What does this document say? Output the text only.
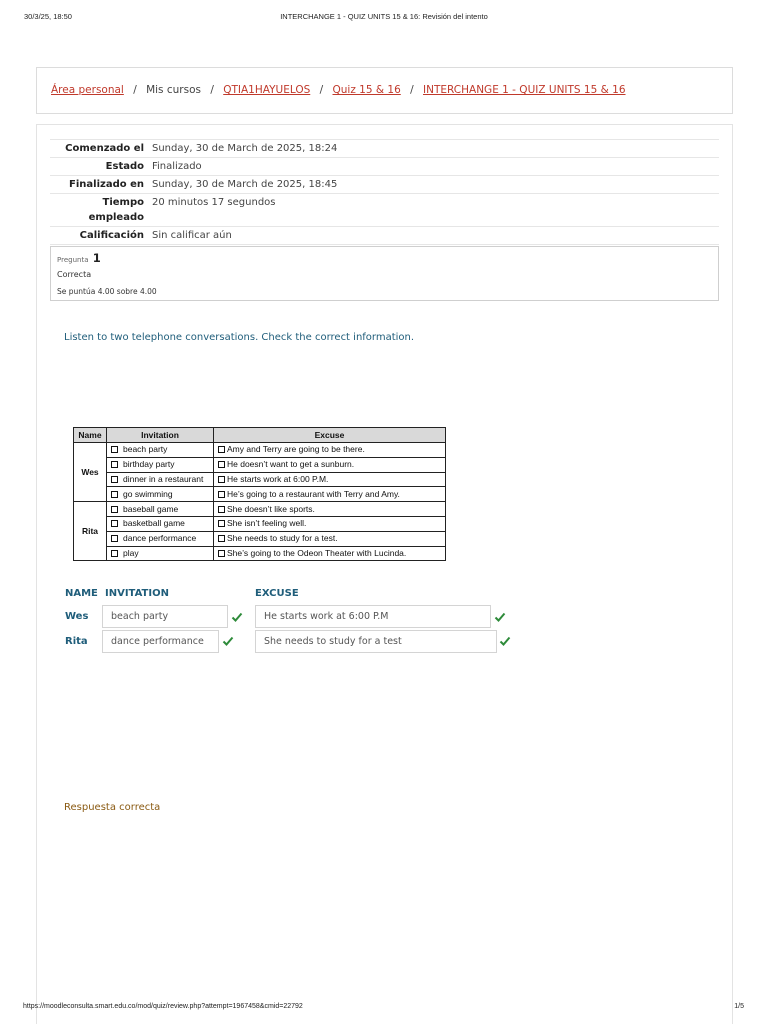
30/3/25, 18:50	INTERCHANGE 1 - QUIZ UNITS 15 & 16: Revisión del intento
Área personal / Mis cursos / QTIA1HAYUELOS / Quiz 15 & 16 / INTERCHANGE 1 - QUIZ UNITS 15 & 16
Comenzado el	Sunday, 30 de March de 2025, 18:24
Estado	Finalizado
Finalizado en	Sunday, 30 de March de 2025, 18:45
Tiempo empleado	20 minutos 17 segundos
Calificación	Sin calificar aún
Pregunta 1
Correcta
Se puntúa 4.00 sobre 4.00
Listen to two telephone conversations. Check the correct information.
Name	Invitation	Excuse
Wes	beach party	Amy and Terry are going to be there.
	birthday party	He doesn’t want to get a sunburn.
	dinner in a restaurant	He starts work at 6:00 P.M.
	go swimming	He’s going to a restaurant with Terry and Amy.
Rita	baseball game	She doesn’t like sports.
	basketball game	She isn’t feeling well.
	dance performance	She needs to study for a test.
	play	She’s going to the Odeon Theater with Lucinda.
NAME INVITATION	EXCUSE
Wes	beach party	He starts work at 6:00 P.M
Rita	dance performance	She needs to study for a test
Respuesta correcta
https://moodleconsulta.smart.edu.co/mod/quiz/review.php?attempt=1967458&cmid=22792	1/5
